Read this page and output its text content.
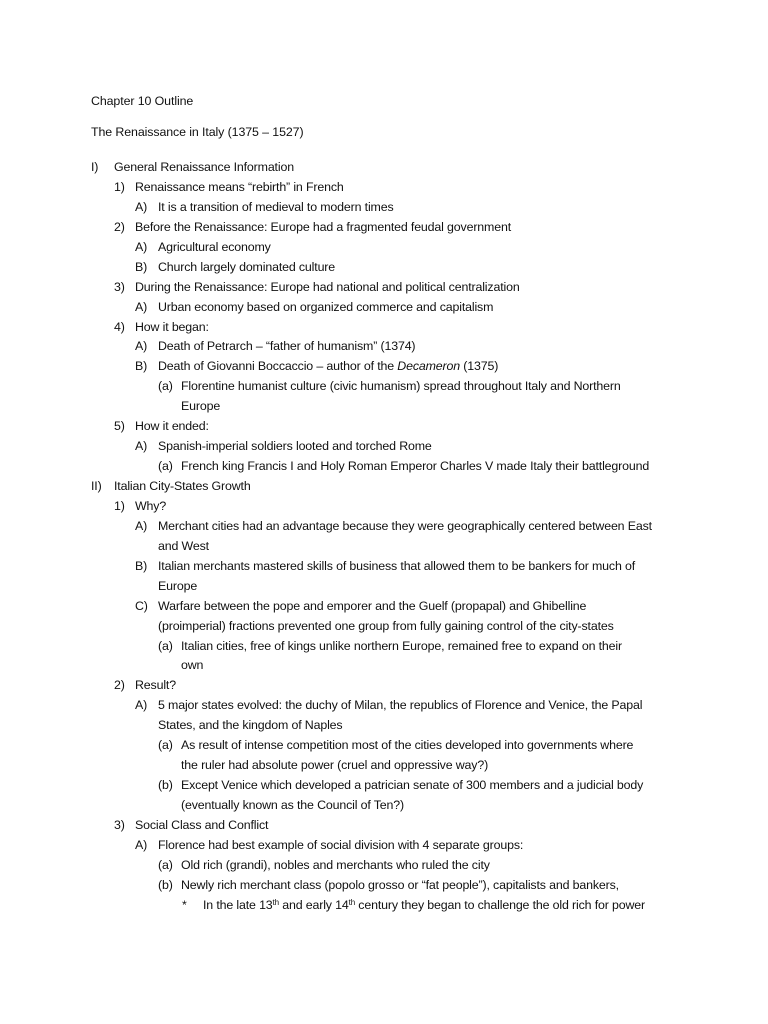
Chapter 10 Outline
The Renaissance in Italy (1375 – 1527)
I) General Renaissance Information
1) Renaissance means “rebirth” in French
A) It is a transition of medieval to modern times
2) Before the Renaissance: Europe had a fragmented feudal government
A) Agricultural economy
B) Church largely dominated culture
3) During the Renaissance: Europe had national and political centralization
A) Urban economy based on organized commerce and capitalism
4) How it began:
A) Death of Petrarch – “father of humanism” (1374)
B) Death of Giovanni Boccaccio – author of the Decameron (1375)
(a) Florentine humanist culture (civic humanism) spread throughout Italy and Northern
Europe
5) How it ended:
A) Spanish-imperial soldiers looted and torched Rome
(a) French king Francis I and Holy Roman Emperor Charles V made Italy their battleground
II) Italian City-States Growth
1) Why?
A) Merchant cities had an advantage because they were geographically centered between East
and West
B) Italian merchants mastered skills of business that allowed them to be bankers for much of
Europe
C) Warfare between the pope and emporer and the Guelf (propapal) and Ghibelline
(proimperial) fractions prevented one group from fully gaining control of the city-states
(a) Italian cities, free of kings unlike northern Europe, remained free to expand on their
own
2) Result?
A) 5 major states evolved: the duchy of Milan, the republics of Florence and Venice, the Papal
States, and the kingdom of Naples
(a) As result of intense competition most of the cities developed into governments where
the ruler had absolute power (cruel and oppressive way?)
(b) Except Venice which developed a patrician senate of 300 members and a judicial body
(eventually known as the Council of Ten?)
3) Social Class and Conflict
A) Florence had best example of social division with 4 separate groups:
(a) Old rich (grandi), nobles and merchants who ruled the city
(b) Newly rich merchant class (popolo grosso or “fat people”), capitalists and bankers,
* In the late 13th and early 14th century they began to challenge the old rich for power
